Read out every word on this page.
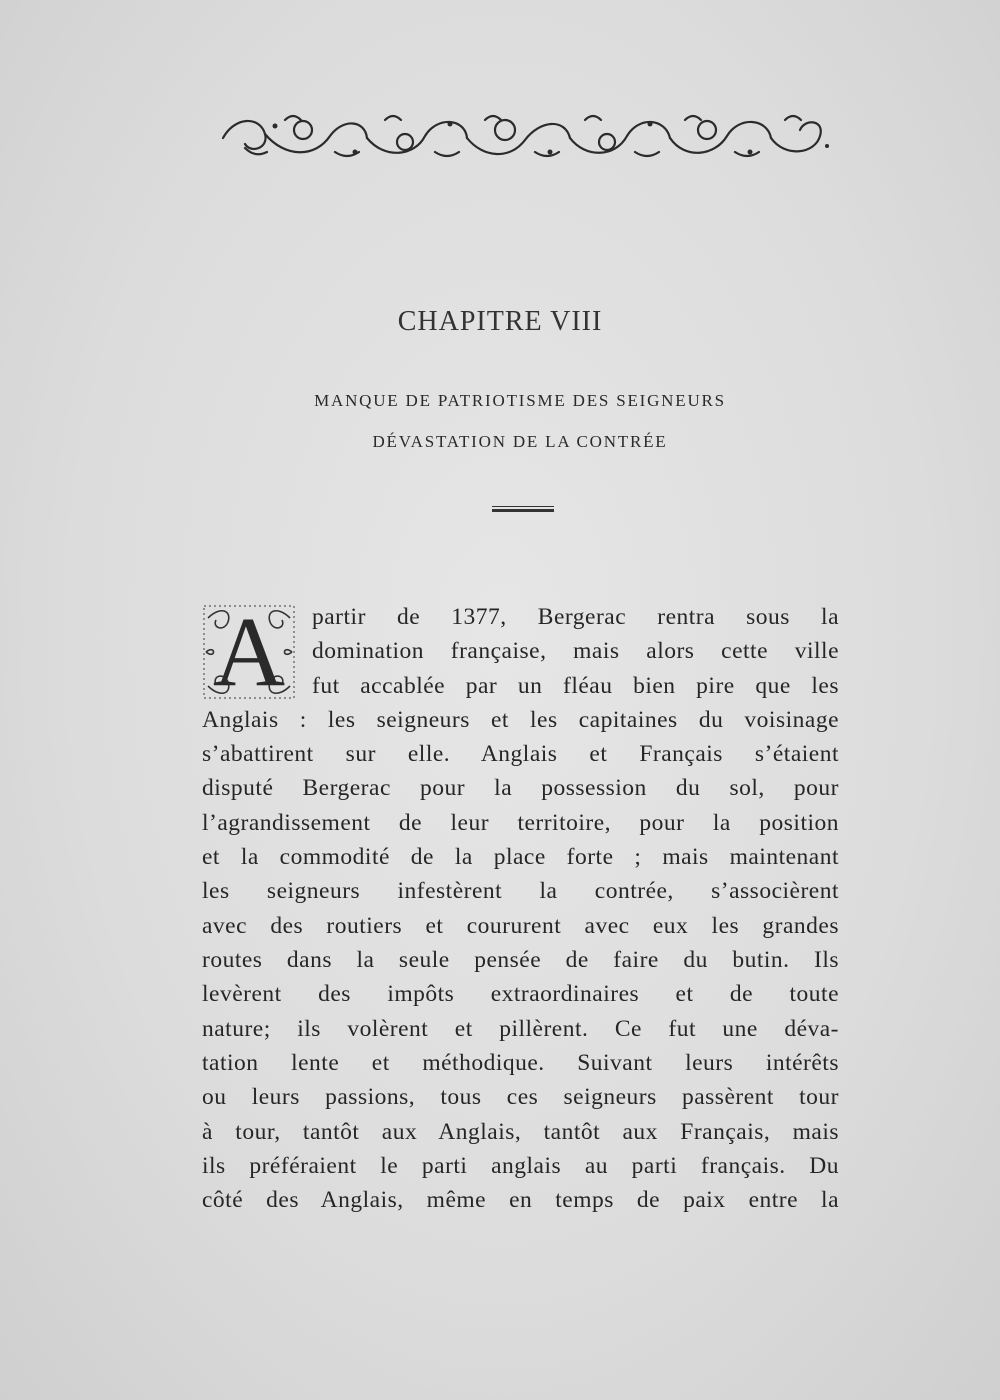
CHAPITRE VIII
MANQUE DE PATRIOTISME DES SEIGNEURS
DÉVASTATION DE LA CONTRÉE
A	partir de 1377, Bergerac rentra sous la
domination française, mais alors cette ville
fut accablée par un fléau bien pire que les
Anglais : les seigneurs et les capitaines du voisinage
s’abattirent sur elle. Anglais et Français s’étaient
disputé Bergerac pour la possession du sol, pour
l’agrandissement de leur territoire, pour la position
et la commodité de la place forte ; mais maintenant
les seigneurs infestèrent la contrée, s’associèrent
avec des routiers et coururent avec eux les grandes
routes dans la seule pensée de faire du butin. Ils
levèrent des impôts extraordinaires et de toute
nature; ils volèrent et pillèrent. Ce fut une déva-
tation lente et méthodique. Suivant leurs intérêts
ou leurs passions, tous ces seigneurs passèrent tour
à tour, tantôt aux Anglais, tantôt aux Français, mais
ils préféraient le parti anglais au parti français. Du
côté des Anglais, même en temps de paix entre la
